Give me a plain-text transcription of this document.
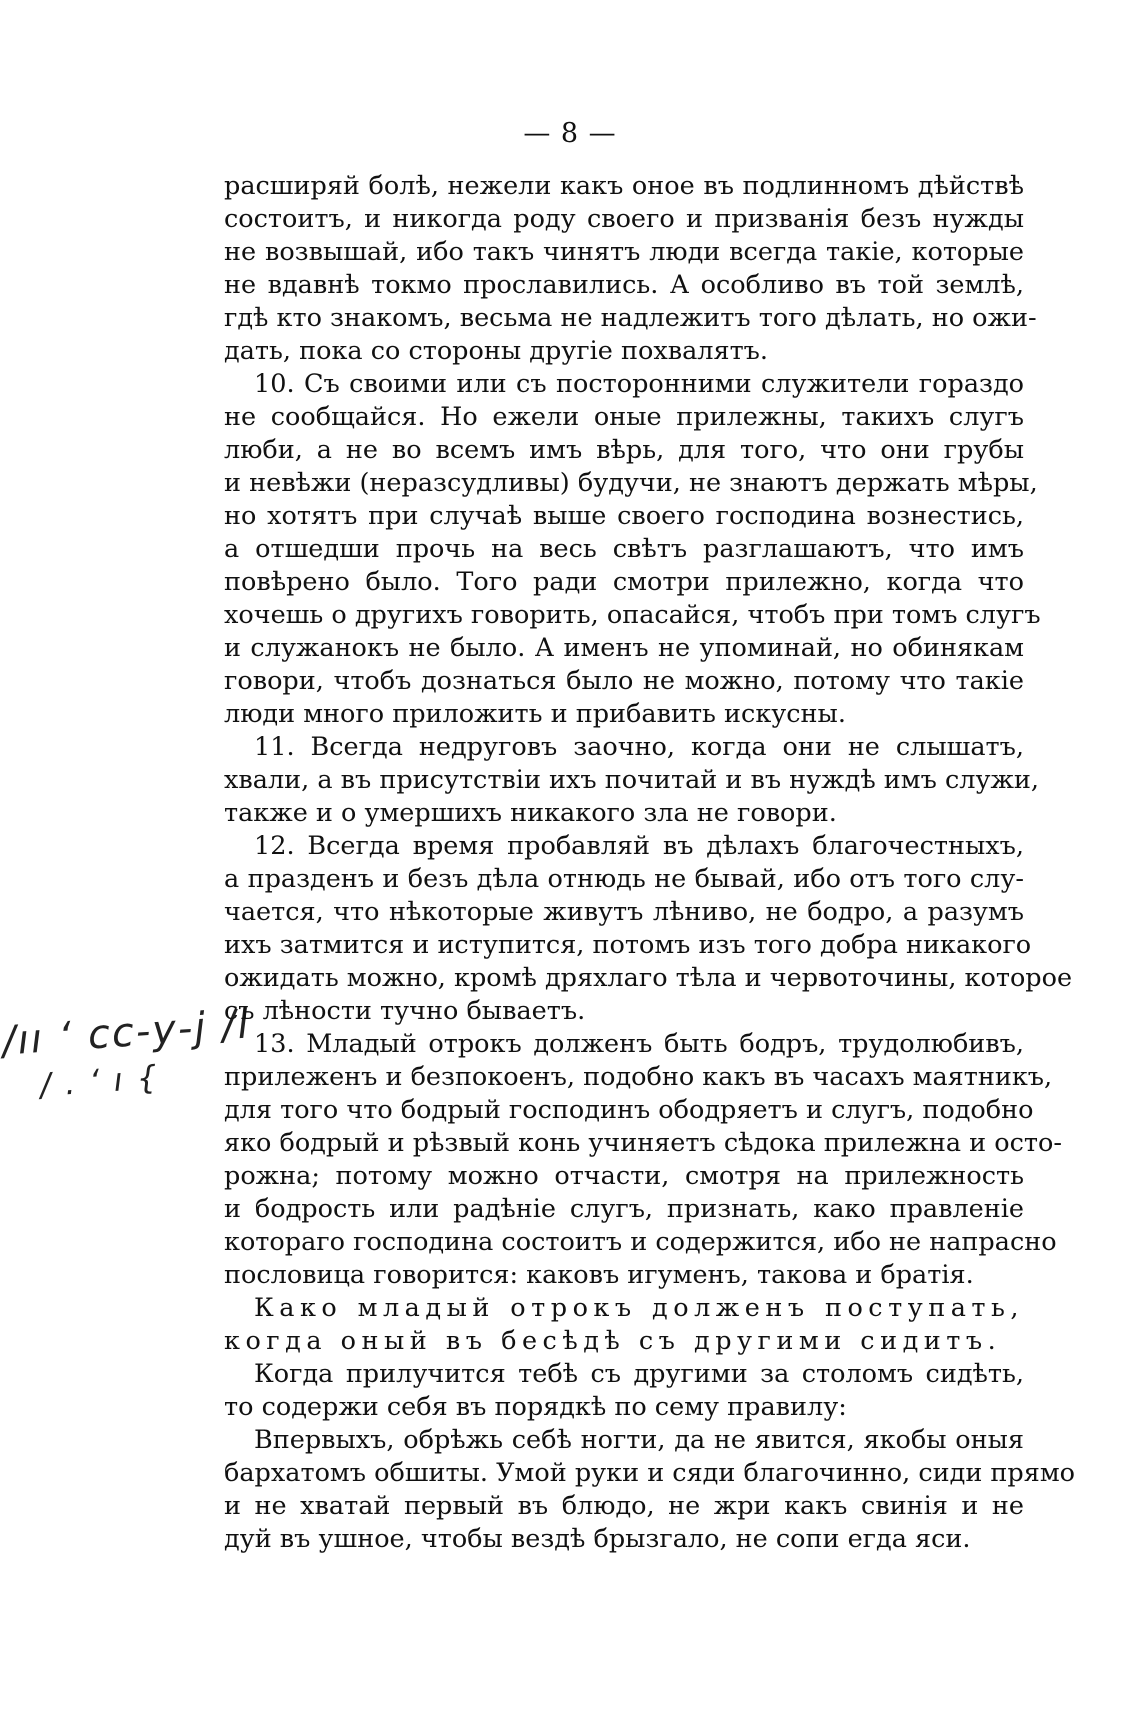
— 8 —
/ıı ʻ сс-у-ј /l
/ . ʻ ı {

расширяй болѣ, нежели какъ оное въ подлинномъ дѣйствѣ
состоитъ, и никогда роду своего и призванія безъ нужды
не возвышай, ибо такъ чинятъ люди всегда такіе, которые
не вдавнѣ токмо прославились. А особливо въ той землѣ,
гдѣ кто знакомъ, весьма не надлежитъ того дѣлать, но ожи-
дать, пока со стороны другіе похвалятъ.

10. Съ своими или съ посторонними служители гораздо
не сообщайся. Но ежели оные прилежны, такихъ слугъ
люби, а не во всемъ имъ вѣрь, для того, что они грубы
и невѣжи (неразсудливы) будучи, не знаютъ держать мѣры,
но хотятъ при случаѣ выше своего господина вознестись,
а отшедши прочь на весь свѣтъ разглашаютъ, что имъ
повѣрено было. Того ради смотри прилежно, когда что
хочешь о другихъ говорить, опасайся, чтобъ при томъ слугъ
и служанокъ не было. А именъ не упоминай, но обинякам
говори, чтобъ дознаться было не можно, потому что такіе
люди много приложить и прибавить искусны.

11. Всегда недруговъ заочно, когда они не слышатъ,
хвали, а въ присутствіи ихъ почитай и въ нуждѣ имъ служи,
также и о умершихъ никакого зла не говори.

12. Всегда время пробавляй въ дѣлахъ благочестныхъ,
а празденъ и безъ дѣла отнюдь не бывай, ибо отъ того слу-
чается, что нѣкоторые живутъ лѣниво, не бодро, а разумъ
ихъ затмится и иступится, потомъ изъ того добра никакого
ожидать можно, кромѣ дряхлаго тѣла и червоточины, которое
съ лѣности тучно бываетъ.

13. Младый отрокъ долженъ быть бодръ, трудолюбивъ,
прилеженъ и безпокоенъ, подобно какъ въ часахъ маятникъ,
для того что бодрый господинъ ободряетъ и слугъ, подобно
яко бодрый и рѣзвый конь учиняетъ сѣдока прилежна и осто-
рожна; потому можно отчасти, смотря на прилежность
и бодрость или радѣніе слугъ, признать, како правленіе
котораго господина состоитъ и содержится, ибо не напрасно
пословица говорится: каковъ игуменъ, такова и братія.

Како младый отрокъ долженъ поступать,
когда оный въ бесѣдѣ съ другими сидитъ.

Когда прилучится тебѣ съ другими за столомъ сидѣть,
то содержи себя въ порядкѣ по сему правилу:

Впервыхъ, обрѣжь себѣ ногти, да не явится, якобы оныя
бархатомъ обшиты. Умой руки и сяди благочинно, сиди прямо
и не хватай первый въ блюдо, не жри какъ свинія и не
дуй въ ушное, чтобы вездѣ брызгало, не сопи егда яси.
